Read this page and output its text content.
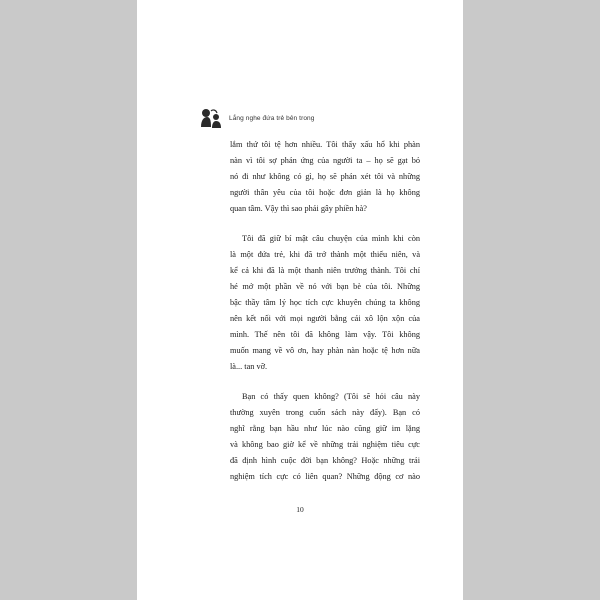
Lắng nghe đứa trẻ bên trong
lắm thứ tôi tệ hơn nhiều. Tôi thấy xấu hổ khi phàn
nàn vì tôi sợ phản ứng của người ta – họ sẽ gạt bỏ
nó đi như không có gì, họ sẽ phán xét tôi và những
người thân yêu của tôi hoặc đơn giản là họ không
quan tâm. Vậy thì sao phải gây phiền hà?
Tôi đã giữ bí mật câu chuyện của mình khi còn
là một đứa trẻ, khi đã trở thành một thiếu niên, và
kể cả khi đã là một thanh niên trưởng thành. Tôi chỉ
hé mở một phần về nó với bạn bè của tôi. Những
bậc thầy tâm lý học tích cực khuyên chúng ta không
nên kết nối với mọi người bằng cái xô lộn xộn của
mình. Thế nên tôi đã không làm vậy. Tôi không
muốn mang về vô ơn, hay phàn nàn hoặc tệ hơn nữa
là... tan vỡ.
Bạn có thấy quen không? (Tôi sẽ hỏi câu này
thường xuyên trong cuốn sách này đấy). Bạn có
nghĩ rằng bạn hầu như lúc nào cũng giữ im lặng
và không bao giờ kể về những trải nghiệm tiêu cực
đã định hình cuộc đời bạn không? Hoặc những trải
nghiệm tích cực có liên quan? Những động cơ nào
10
